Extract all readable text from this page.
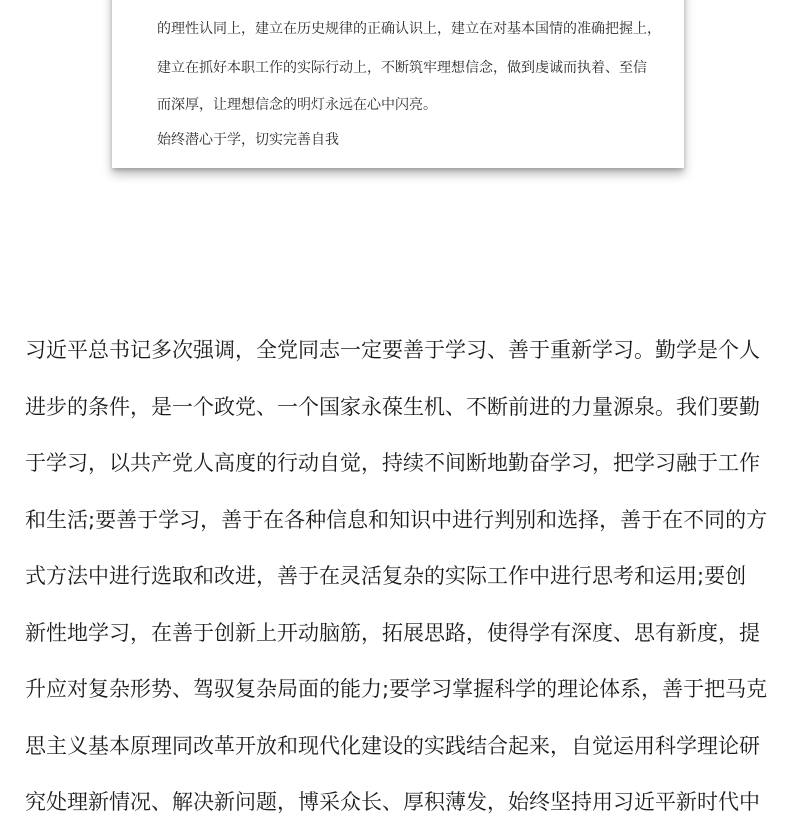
的理性认同上，建立在历史规律的正确认识上，建立在对基本国情的准确把握上，
建立在抓好本职工作的实际行动上，不断筑牢理想信念，做到虔诚而执着、至信
而深厚，让理想信念的明灯永远在心中闪亮。
始终潜心于学，切实完善自我
习近平总书记多次强调，全党同志一定要善于学习、善于重新学习。勤学是个人
进步的条件，是一个政党、一个国家永葆生机、不断前进的力量源泉。我们要勤
于学习，以共产党人高度的行动自觉，持续不间断地勤奋学习，把学习融于工作
和生活;要善于学习，善于在各种信息和知识中进行判别和选择，善于在不同的方
式方法中进行选取和改进，善于在灵活复杂的实际工作中进行思考和运用;要创
新性地学习，在善于创新上开动脑筋，拓展思路，使得学有深度、思有新度，提
升应对复杂形势、驾驭复杂局面的能力;要学习掌握科学的理论体系，善于把马克
思主义基本原理同改革开放和现代化建设的实践结合起来，自觉运用科学理论研
究处理新情况、解决新问题，博采众长、厚积薄发，始终坚持用习近平新时代中
